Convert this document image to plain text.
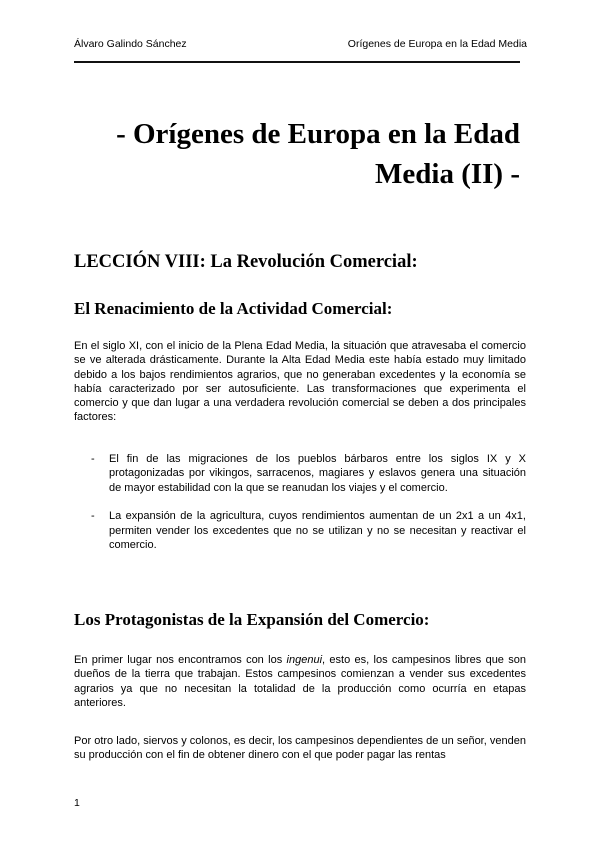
Álvaro Galindo Sánchez	Orígenes de Europa en la Edad Media
- Orígenes de Europa en la Edad
Media (II) -
LECCIÓN VIII: La Revolución Comercial:
El Renacimiento de la Actividad Comercial:

En el siglo XI, con el inicio de la Plena Edad Media, la situación que atravesaba el comercio se ve alterada drásticamente. Durante la Alta Edad Media este había estado muy limitado debido a los bajos rendimientos agrarios, que no generaban excedentes y la economía se había caracterizado por ser autosuficiente. Las transformaciones que experimenta el comercio y que dan lugar a una verdadera revolución comercial se deben a dos principales factores:

- El fin de las migraciones de los pueblos bárbaros entre los siglos IX y X protagonizadas por vikingos, sarracenos, magiares y eslavos genera una situación de mayor estabilidad con la que se reanudan los viajes y el comercio.
- La expansión de la agricultura, cuyos rendimientos aumentan de un 2x1 a un 4x1, permiten vender los excedentes que no se utilizan y no se necesitan y reactivar el comercio.
Los Protagonistas de la Expansión del Comercio:

En primer lugar nos encontramos con los ingenui, esto es, los campesinos libres que son dueños de la tierra que trabajan. Estos campesinos comienzan a vender sus excedentes agrarios ya que no necesitan la totalidad de la producción como ocurría en etapas anteriores.

Por otro lado, siervos y colonos, es decir, los campesinos dependientes de un señor, venden su producción con el fin de obtener dinero con el que poder pagar las rentas

1
